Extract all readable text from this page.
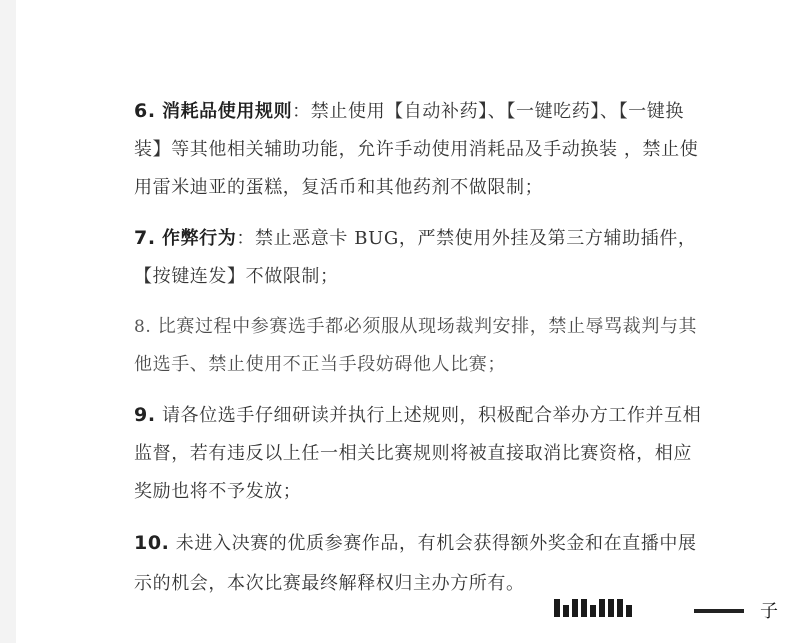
6. 消耗品使用规则：禁止使用【自动补药】、【一键吃药】、【一键换装】等其他相关辅助功能，允许手动使用消耗品及手动换装 ，禁止使用雷米迪亚的蛋糕，复活币和其他药剂不做限制；

7. 作弊行为：禁止恶意卡 BUG，严禁使用外挂及第三方辅助插件，【按键连发】不做限制；

8. 比赛过程中参赛选手都必须服从现场裁判安排，禁止辱骂裁判与其他选手、禁止使用不正当手段妨碍他人比赛；

9. 请各位选手仔细研读并执行上述规则，积极配合举办方工作并互相监督，若有违反以上任一相关比赛规则将被直接取消比赛资格，相应奖励也将不予发放；

10. 未进入决赛的优质参赛作品，有机会获得额外奖金和在直播中展示的机会，本次比赛最终解释权归主办方所有。

子
